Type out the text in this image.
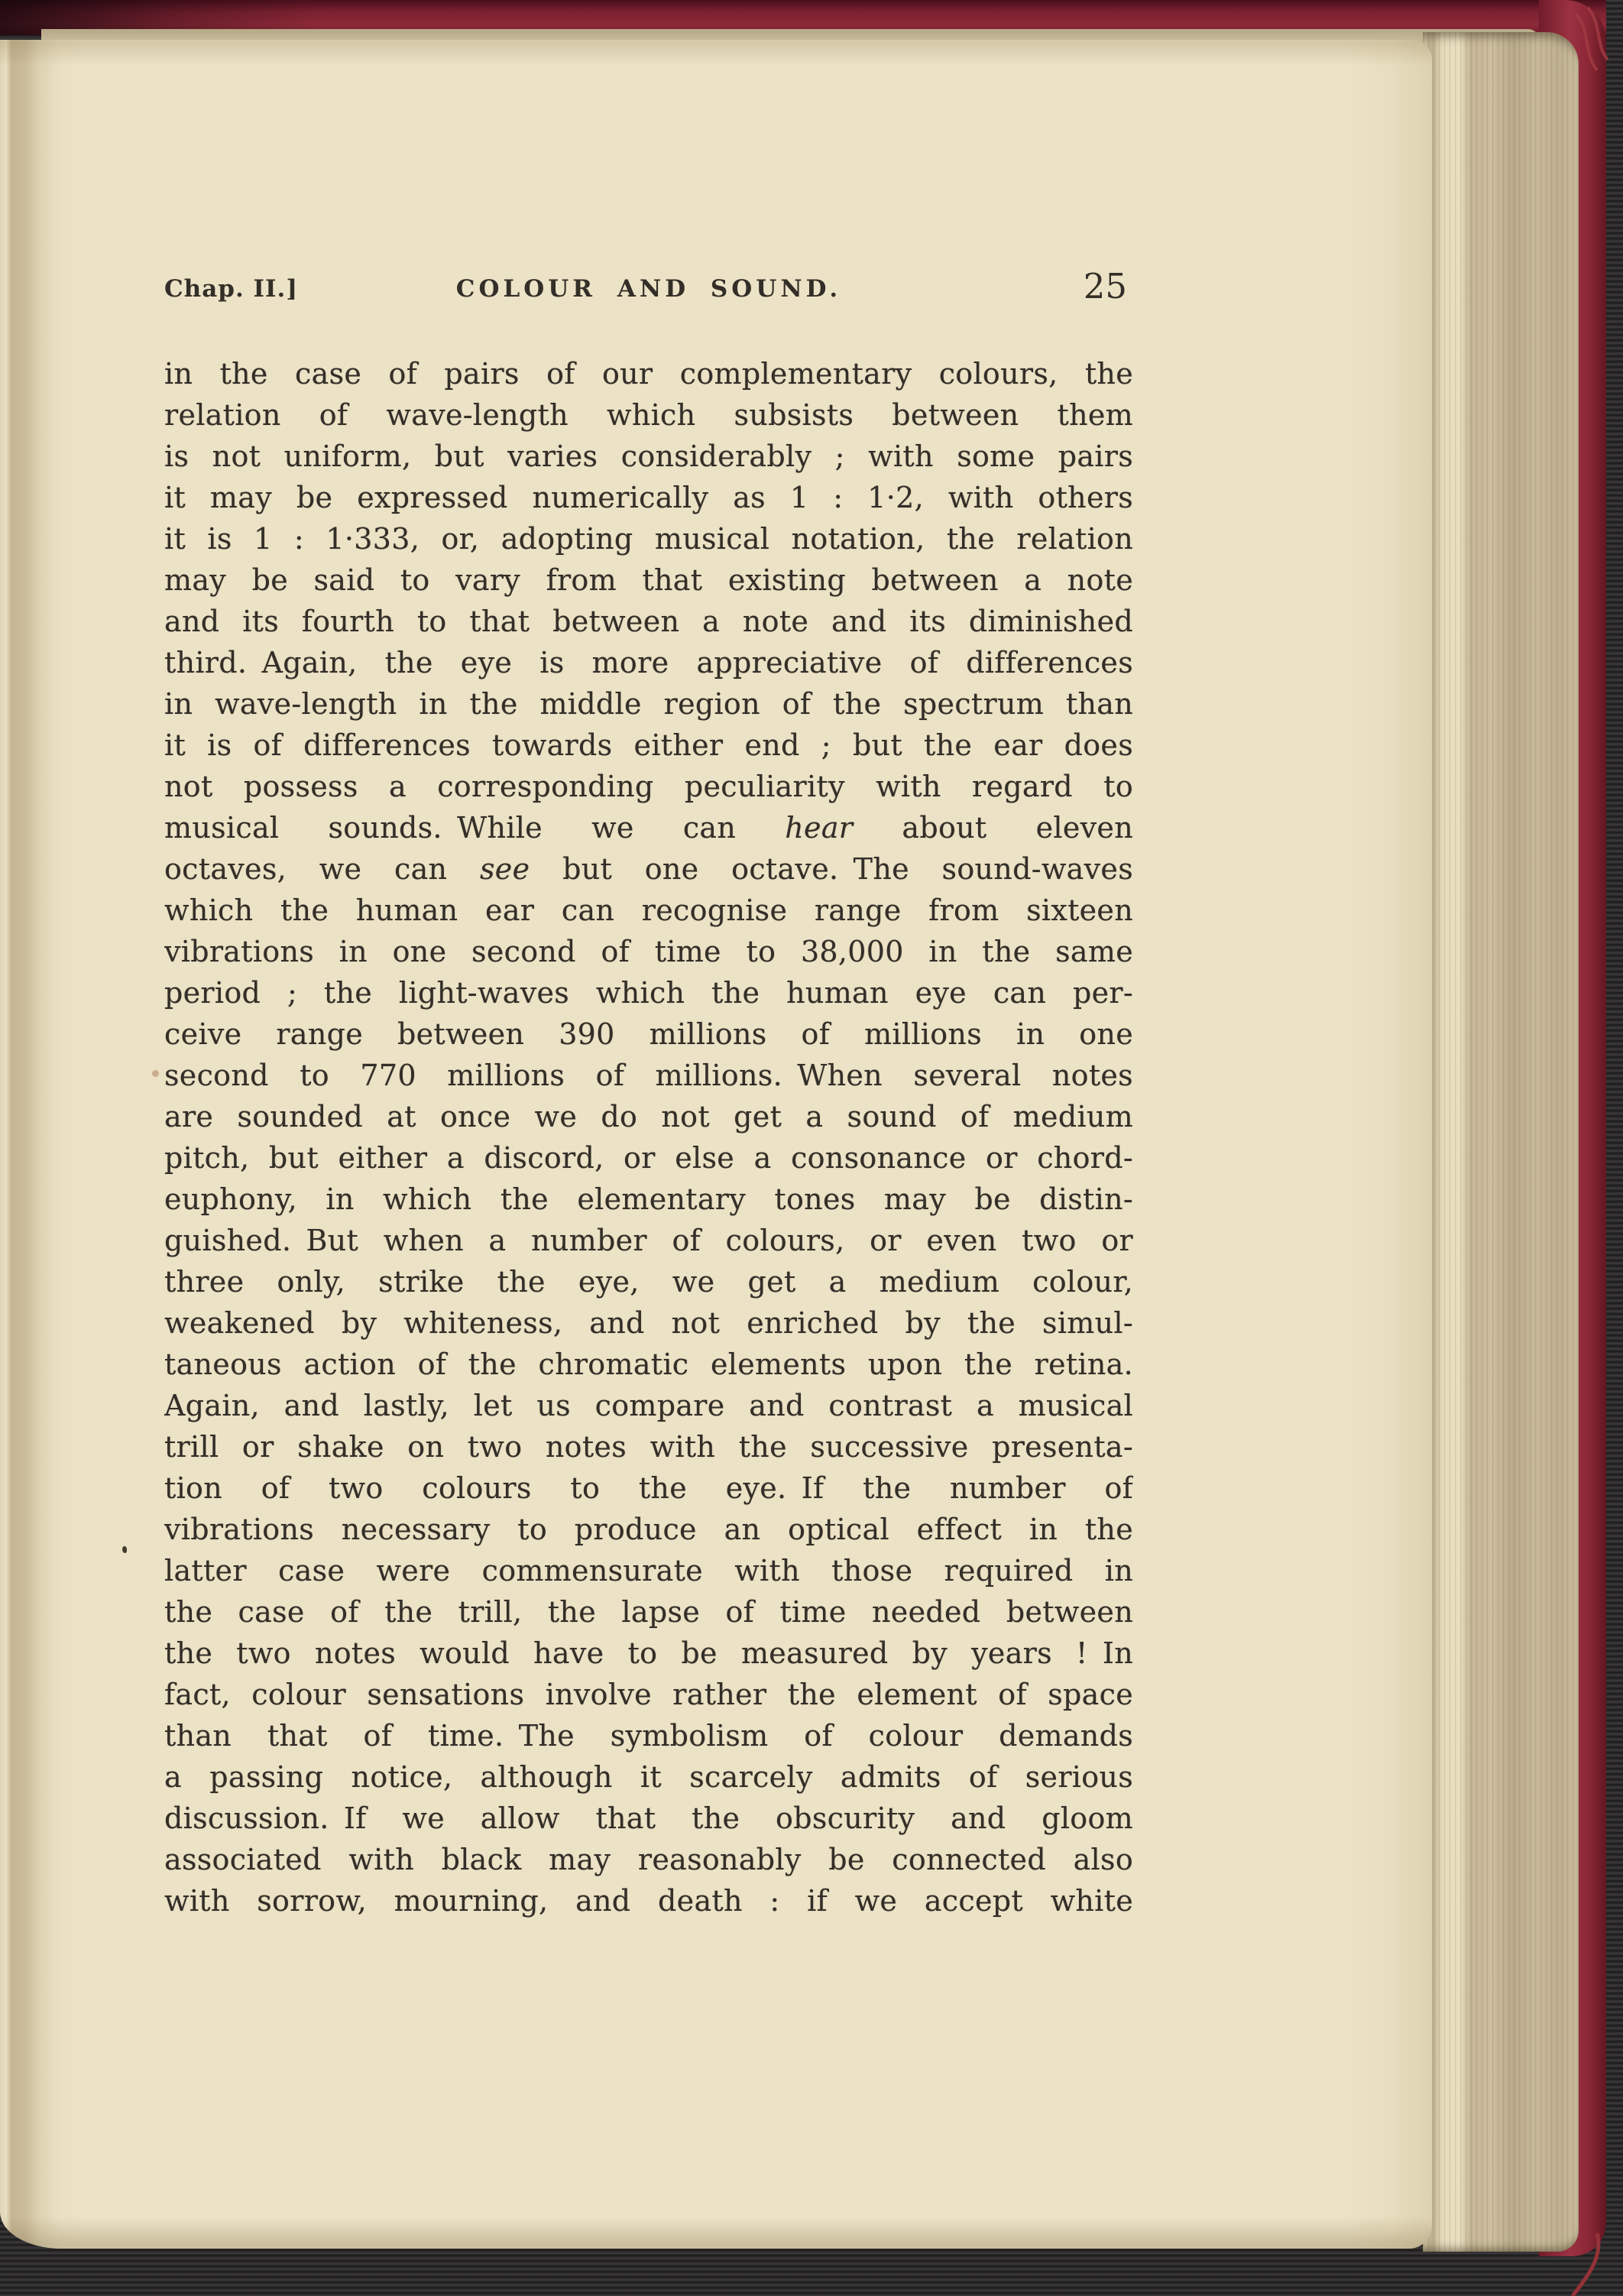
Chap. II.]	COLOUR AND SOUND.	25
in the case of pairs of our complementary colours, the
relation of wave-length which subsists between them
is not uniform, but varies considerably ; with some pairs
it may be expressed numerically as 1 : 1·2, with others
it is 1 : 1·333, or, adopting musical notation, the relation
may be said to vary from that existing between a note
and its fourth to that between a note and its diminished
third. Again, the eye is more appreciative of differences
in wave-length in the middle region of the spectrum than
it is of differences towards either end ; but the ear does
not possess a corresponding peculiarity with regard to
musical sounds. While we can hear about eleven
octaves, we can see but one octave. The sound-waves
which the human ear can recognise range from sixteen
vibrations in one second of time to 38,000 in the same
period ; the light-waves which the human eye can per-
ceive range between 390 millions of millions in one
second to 770 millions of millions. When several notes
are sounded at once we do not get a sound of medium
pitch, but either a discord, or else a consonance or chord-
euphony, in which the elementary tones may be distin-
guished. But when a number of colours, or even two or
three only, strike the eye, we get a medium colour,
weakened by whiteness, and not enriched by the simul-
taneous action of the chromatic elements upon the retina.
Again, and lastly, let us compare and contrast a musical
trill or shake on two notes with the successive presenta-
tion of two colours to the eye. If the number of
vibrations necessary to produce an optical effect in the
latter case were commensurate with those required in
the case of the trill, the lapse of time needed between
the two notes would have to be measured by years ! In
fact, colour sensations involve rather the element of space
than that of time. The symbolism of colour demands
a passing notice, although it scarcely admits of serious
discussion. If we allow that the obscurity and gloom
associated with black may reasonably be connected also
with sorrow, mourning, and death : if we accept white
